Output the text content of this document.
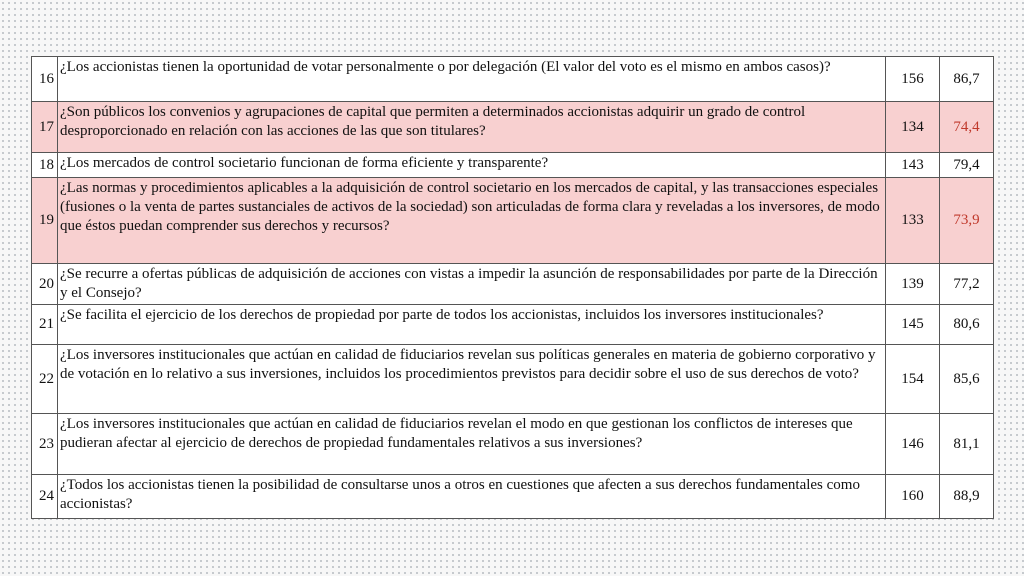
16	¿Los accionistas tienen la oportunidad de votar personalmente o por delegación (El valor del voto es el mismo en ambos casos)?	156	86,7
17	¿Son públicos los convenios y agrupaciones de capital que permiten a determinados accionistas adquirir un grado de control desproporcionado en relación con las acciones de las que son titulares?	134	74,4
18	¿Los mercados de control societario funcionan de forma eficiente y transparente?	143	79,4
19	¿Las normas y procedimientos aplicables a la adquisición de control societario en los mercados de capital, y las transacciones especiales (fusiones o la venta de partes sustanciales de activos de la sociedad) son articuladas de forma clara y reveladas a los inversores, de modo que éstos puedan comprender sus derechos y recursos?	133	73,9
20	¿Se recurre a ofertas públicas de adquisición de acciones con vistas a impedir la asunción de responsabilidades por parte de la Dirección y el Consejo?	139	77,2
21	¿Se facilita el ejercicio de los derechos de propiedad por parte de todos los accionistas, incluidos los inversores institucionales?	145	80,6
22	¿Los inversores institucionales que actúan en calidad de fiduciarios revelan sus políticas generales en materia de gobierno corporativo y de votación en lo relativo a sus inversiones, incluidos los procedimientos previstos para decidir sobre el uso de sus derechos de voto?	154	85,6
23	¿Los inversores institucionales que actúan en calidad de fiduciarios revelan el modo en que gestionan los conflictos de intereses que pudieran afectar al ejercicio de derechos de propiedad fundamentales relativos a sus inversiones?	146	81,1
24	¿Todos los accionistas tienen la posibilidad de consultarse unos a otros en cuestiones que afecten a sus derechos fundamentales como accionistas?	160	88,9
